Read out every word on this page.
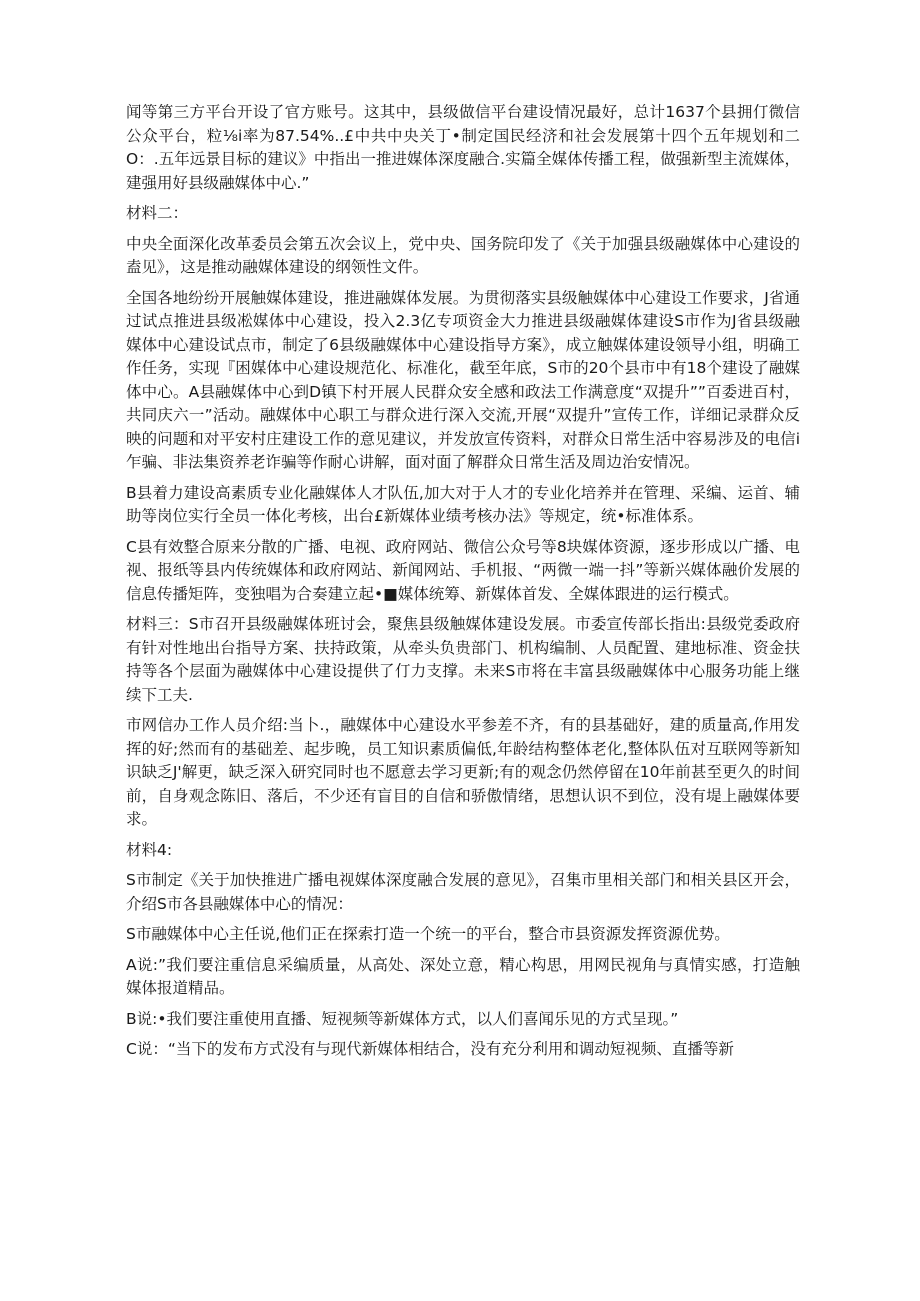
闻等第三方平台开设了官方账号。这其中，县级做信平台建设情况最好，总计1637个县拥仃微信公众平台，粒⅛i率为87.54%..£中共中央关丁•制定国民经济和社会发展第十四个五年规划和二O：.五年远景目标的建议》中指出一推进媒体深度融合.实篇全媒体传播工程，做强新型主流媒体，建强用好县级融媒体中心.”

材料二：

中央全面深化改革委员会第五次会议上，党中央、国务院印发了《关于加强县级融媒体中心建设的盍见》，这是推动融媒体建设的纲领性文件。

全国各地纷纷开展触媒体建设，推进融媒体发展。为贯彻落实县级触媒体中心建设工作要求，J省通过试点推进县级凇媒体中心建设，投入2.3亿专项资金大力推进县级融媒体建设S市作为J省县级融媒体中心建设试点市，制定了6县级融媒体中心建设指导方案》，成立触媒体建设领导小组，明确工作任务，实现『困媒体中心建设规范化、标准化，截至年底，S市的20个县市中有18个建设了融媒体中心。A县融媒体中心到D镇下村开展人民群众安全感和政法工作满意度“双提升””百委进百村，共同庆六一”活动。融媒体中心职工与群众进行深入交流,开展“双提升”宣传工作，详细记录群众反映的问题和对平安村庄建设工作的意见建议，并发放宣传资料，对群众日常生活中容易涉及的电信i乍骗、非法集资养老诈骗等作耐心讲解，面对面了解群众日常生活及周边治安情况。

B县着力建设高素质专业化融媒体人才队伍,加大对于人才的专业化培养并在管理、采编、运首、辅助等岗位实行全员一体化考核，出台£新媒体业绩考核办法》等规定，统•标准体系。

C县有效整合原来分散的广播、电视、政府网站、微信公众号等8块媒体资源，逐步形成以广播、电视、报纸等县内传统媒体和政府网站、新闻网站、手机报、“两微一端一抖”等新兴媒体融价发展的信息传播矩阵，变独唱为合奏建立起•■媒体统筹、新媒体首发、全媒体跟进的运行模式。

材料三：S市召开县级融媒体班讨会，聚焦县级触媒体建设发展。市委宣传部长指出:县级党委政府有针对性地出台指导方案、扶持政策，从牵头负贵部门、机构编制、人员配置、建地标准、资金扶持等各个层面为融媒体中心建设提供了仃力支撑。未来S市将在丰富县级融媒体中心服务功能上继续下工夫.

市网信办工作人员介绍:当卜.，融媒体中心建设水平参差不齐，有的县基础好，建的质量高,作用发挥的好;然而有的基础差、起步晚，员工知识素质偏低,年龄结构整体老化,整体队伍对互联网等新知识缺乏J'解更，缺乏深入研究同时也不愿意去学习更新;有的观念仍然停留在10年前甚至更久的时间前，自身观念陈旧、落后，不少还有盲目的自信和骄傲情绪，思想认识不到位，没有堤上融媒体要求。

材料4:

S市制定《关于加快推进广播电视媒体深度融合发展的意见》，召集市里相关部门和相关县区开会，介绍S市各县融媒体中心的情况：

S市融媒体中心主任说,他们正在探索打造一个统一的平台，整合市县资源发挥资源优势。

A说:”我们要注重信息采编质量，从高处、深处立意，精心构思，用网民视角与真情实感，打造触媒体报道精品。

B说:•我们要注重使用直播、短视频等新媒体方式，以人们喜闻乐见的方式呈现。”

C说：“当下的发布方式没有与现代新媒体相结合，没有充分利用和调动短视频、直播等新
